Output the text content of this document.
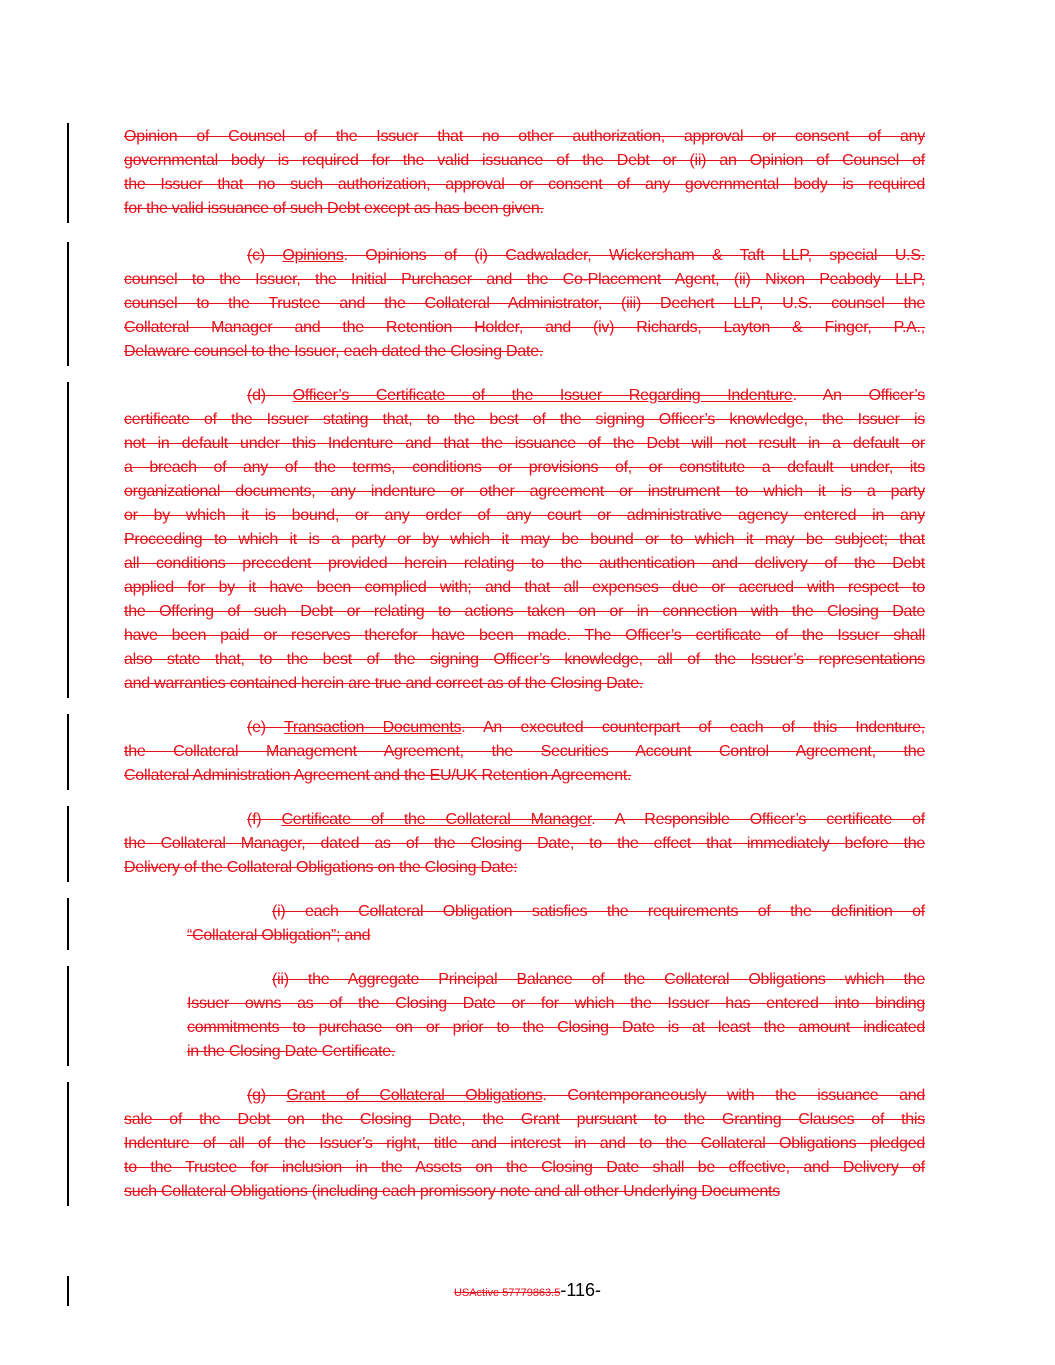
Opinion of Counsel of the Issuer that no other authorization, approval or consent of any
governmental body is required for the valid issuance of the Debt or (ii) an Opinion of Counsel of
the Issuer that no such authorization, approval or consent of any governmental body is required
for the valid issuance of such Debt except as has been given.
(c) Opinions. Opinions of (i) Cadwalader, Wickersham & Taft LLP, special U.S.
counsel to the Issuer, the Initial Purchaser and the Co-Placement Agent, (ii) Nixon Peabody LLP,
counsel to the Trustee and the Collateral Administrator, (iii) Dechert LLP, U.S. counsel the
Collateral Manager and the Retention Holder, and (iv) Richards, Layton & Finger, P.A.,
Delaware counsel to the Issuer, each dated the Closing Date.
(d) Officer’s Certificate of the Issuer Regarding Indenture. An Officer’s
certificate of the Issuer stating that, to the best of the signing Officer’s knowledge, the Issuer is
not in default under this Indenture and that the issuance of the Debt will not result in a default or
a breach of any of the terms, conditions or provisions of, or constitute a default under, its
organizational documents, any indenture or other agreement or instrument to which it is a party
or by which it is bound, or any order of any court or administrative agency entered in any
Proceeding to which it is a party or by which it may be bound or to which it may be subject; that
all conditions precedent provided herein relating to the authentication and delivery of the Debt
applied for by it have been complied with; and that all expenses due or accrued with respect to
the Offering of such Debt or relating to actions taken on or in connection with the Closing Date
have been paid or reserves therefor have been made. The Officer’s certificate of the Issuer shall
also state that, to the best of the signing Officer’s knowledge, all of the Issuer’s representations
and warranties contained herein are true and correct as of the Closing Date.
(e) Transaction Documents. An executed counterpart of each of this Indenture,
the Collateral Management Agreement, the Securities Account Control Agreement, the
Collateral Administration Agreement and the EU/UK Retention Agreement.
(f) Certificate of the Collateral Manager. A Responsible Officer’s certificate of
the Collateral Manager, dated as of the Closing Date, to the effect that immediately before the
Delivery of the Collateral Obligations on the Closing Date:
(i) each Collateral Obligation satisfies the requirements of the definition of
“Collateral Obligation”; and
(ii) the Aggregate Principal Balance of the Collateral Obligations which the
Issuer owns as of the Closing Date or for which the Issuer has entered into binding
commitments to purchase on or prior to the Closing Date is at least the amount indicated
in the Closing Date Certificate.
(g) Grant of Collateral Obligations. Contemporaneously with the issuance and
sale of the Debt on the Closing Date, the Grant pursuant to the Granting Clauses of this
Indenture of all of the Issuer’s right, title and interest in and to the Collateral Obligations pledged
to the Trustee for inclusion in the Assets on the Closing Date shall be effective, and Delivery of
such Collateral Obligations (including each promissory note and all other Underlying Documents
USActive 57779863.5-116-
